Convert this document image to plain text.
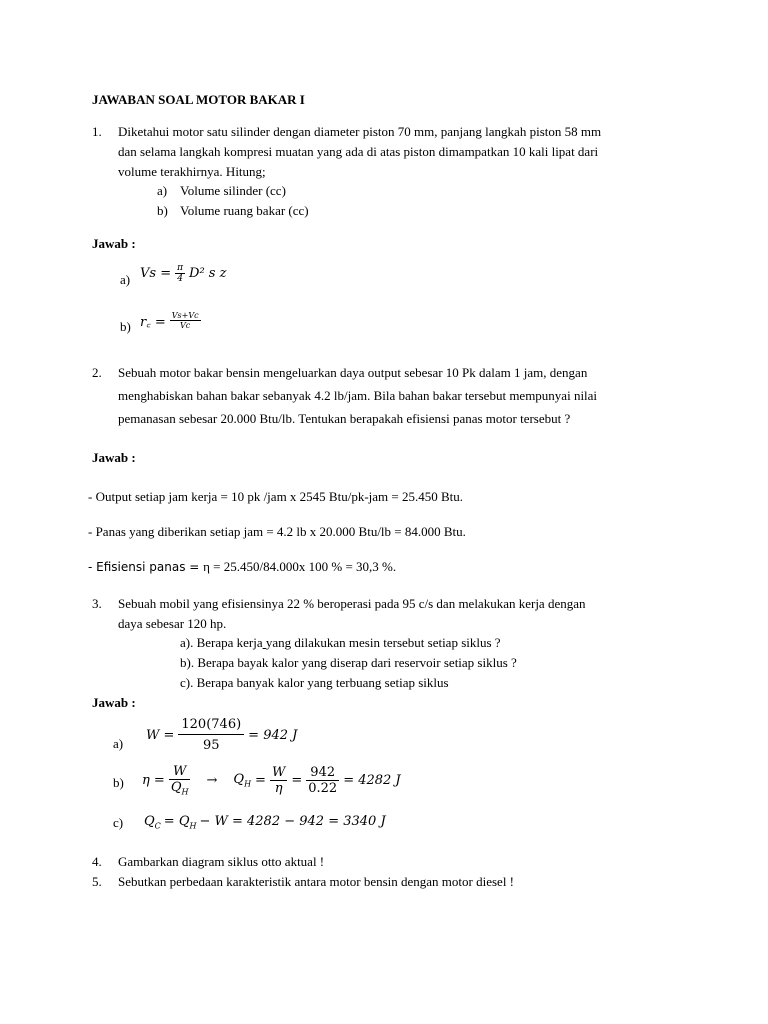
JAWABAN SOAL MOTOR BAKAR I
1. Diketahui motor satu silinder dengan diameter piston 70 mm, panjang langkah piston 58 mm
dan selama langkah kompresi muatan yang ada di atas piston dimampatkan 10 kali lipat dari
volume terakhirnya. Hitung;
a) Volume silinder (cc)
b) Volume ruang bakar (cc)
Jawab :
a) $Vs = \frac{\pi}{4} D^2$ s z
b) r꜀ = $\frac{Vs+Vc}{Vc}$
2. Sebuah motor bakar bensin mengeluarkan daya output sebesar 10 Pk dalam 1 jam, dengan
menghabiskan bahan bakar sebanyak 4.2 lb/jam. Bila bahan bakar tersebut mempunyai nilai
pemanasan sebesar 20.000 Btu/lb. Tentukan berapakah efisiensi panas motor tersebut ?
Jawab :
- Output setiap jam kerja = 10 pk /jam x 2545 Btu/pk-jam = 25.450 Btu.
- Panas yang diberikan setiap jam = 4.2 lb x 20.000 Btu/lb = 84.000 Btu.
- Efisiensi panas = η = 25.450/84.000x 100 % = 30,3 %.
3. Sebuah mobil yang efisiensinya 22 % beroperasi pada 95 c/s dan melakukan kerja dengan
daya sebesar 120 hp.
a). Berapa kerja yang dilakukan mesin tersebut setiap siklus ?
b). Berapa bayak kalor yang diserap dari reservoir setiap siklus ?
c). Berapa banyak kalor yang terbuang setiap siklus
Jawab :
a)
$W = \frac{120(746)}{95} = 942$ J
b) $\eta = \frac{W}{Q_H} \to Q_H = \frac{W}{\eta} = \frac{942}{0.22} = 4282$ J
c) $Q_C = Q_H - W = 4282 - 942 = 3340$ J
4. Gambarkan diagram siklus otto aktual !
5. Sebutkan perbedaan karakteristik antara motor bensin dengan motor diesel !
